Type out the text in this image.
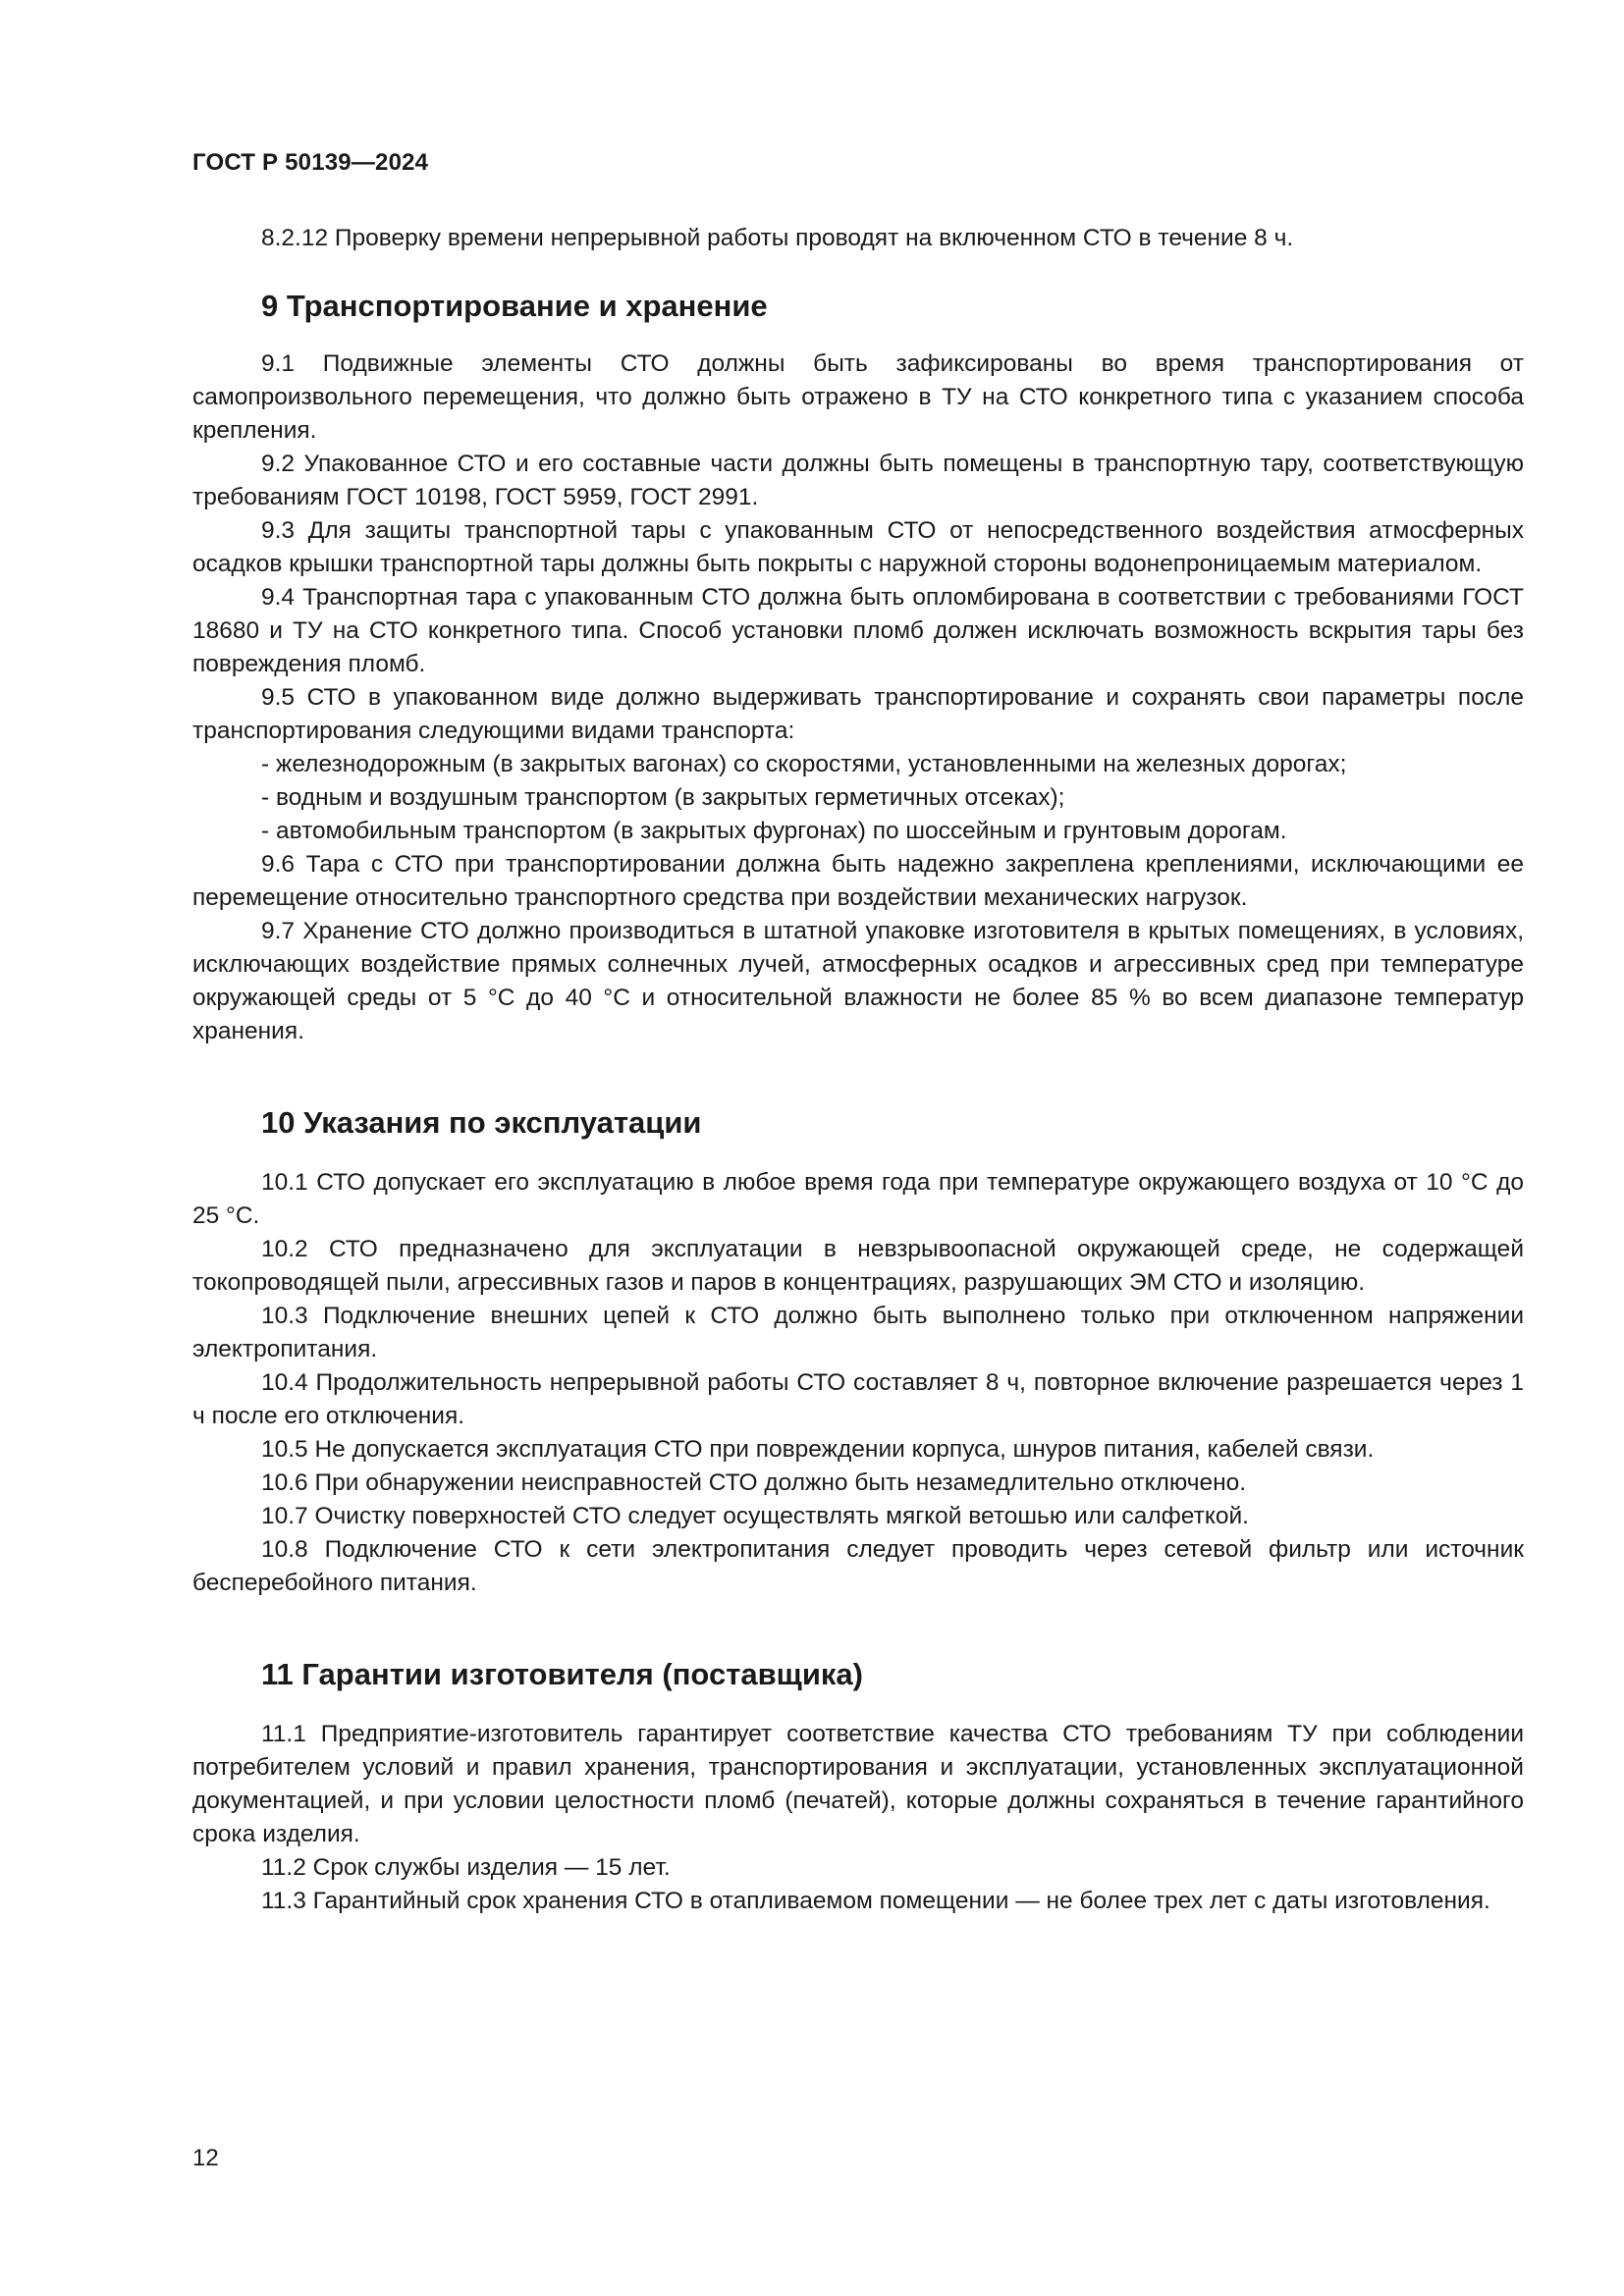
ГОСТ Р 50139—2024

8.2.12 Проверку времени непрерывной работы проводят на включенном СТО в течение 8 ч.

9 Транспортирование и хранение

9.1 Подвижные элементы СТО должны быть зафиксированы во время транспортирования от самопроизвольного перемещения, что должно быть отражено в ТУ на СТО конкретного типа с указанием способа крепления.

9.2 Упакованное СТО и его составные части должны быть помещены в транспортную тару, соответствующую требованиям ГОСТ 10198, ГОСТ 5959, ГОСТ 2991.

9.3 Для защиты транспортной тары с упакованным СТО от непосредственного воздействия атмосферных осадков крышки транспортной тары должны быть покрыты с наружной стороны водонепроницаемым материалом.

9.4 Транспортная тара с упакованным СТО должна быть опломбирована в соответствии с требованиями ГОСТ 18680 и ТУ на СТО конкретного типа. Способ установки пломб должен исключать возможность вскрытия тары без повреждения пломб.

9.5 СТО в упакованном виде должно выдерживать транспортирование и сохранять свои параметры после транспортирования следующими видами транспорта:

- железнодорожным (в закрытых вагонах) со скоростями, установленными на железных дорогах;

- водным и воздушным транспортом (в закрытых герметичных отсеках);

- автомобильным транспортом (в закрытых фургонах) по шоссейным и грунтовым дорогам.

9.6 Тара с СТО при транспортировании должна быть надежно закреплена креплениями, исключающими ее перемещение относительно транспортного средства при воздействии механических нагрузок.

9.7 Хранение СТО должно производиться в штатной упаковке изготовителя в крытых помещениях, в условиях, исключающих воздействие прямых солнечных лучей, атмосферных осадков и агрессивных сред при температуре окружающей среды от 5 °С до 40 °С и относительной влажности не более 85 % во всем диапазоне температур хранения.

10 Указания по эксплуатации

10.1 СТО допускает его эксплуатацию в любое время года при температуре окружающего воздуха от 10 °С до 25 °С.

10.2 СТО предназначено для эксплуатации в невзрывоопасной окружающей среде, не содержащей токопроводящей пыли, агрессивных газов и паров в концентрациях, разрушающих ЭМ СТО и изоляцию.

10.3 Подключение внешних цепей к СТО должно быть выполнено только при отключенном напряжении электропитания.

10.4 Продолжительность непрерывной работы СТО составляет 8 ч, повторное включение разрешается через 1 ч после его отключения.

10.5 Не допускается эксплуатация СТО при повреждении корпуса, шнуров питания, кабелей связи.

10.6 При обнаружении неисправностей СТО должно быть незамедлительно отключено.

10.7 Очистку поверхностей СТО следует осуществлять мягкой ветошью или салфеткой.

10.8 Подключение СТО к сети электропитания следует проводить через сетевой фильтр или источник бесперебойного питания.

11 Гарантии изготовителя (поставщика)

11.1 Предприятие-изготовитель гарантирует соответствие качества СТО требованиям ТУ при соблюдении потребителем условий и правил хранения, транспортирования и эксплуатации, установленных эксплуатационной документацией, и при условии целостности пломб (печатей), которые должны сохраняться в течение гарантийного срока изделия.

11.2 Срок службы изделия — 15 лет.

11.3 Гарантийный срок хранения СТО в отапливаемом помещении — не более трех лет с даты изготовления.

12
